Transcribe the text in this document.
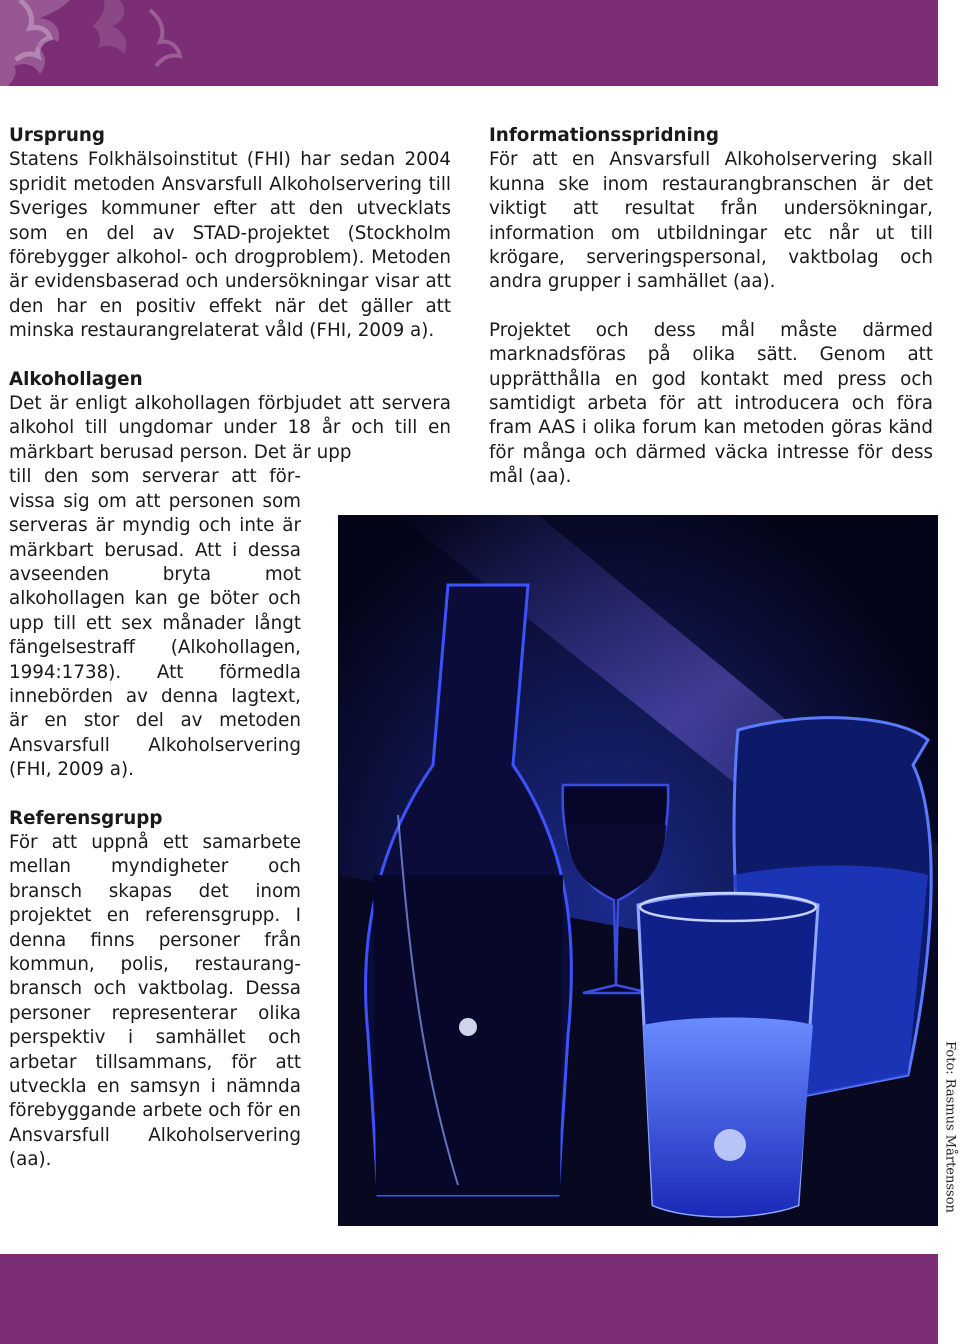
Ursprung

Statens Folkhälsoinstitut (FHI) har sedan 2004 spridit metoden Ansvarsfull Alkoholservering till Sveriges kommuner efter att den utvecklats som en del av STAD-projektet (Stockholm förebygger alkohol- och drogproblem). Metoden är evidensbaserad och undersökningar visar att den har en positiv effekt när det gäller att minska restaurangrelaterat våld (FHI, 2009 a).

Alkohollagen

Det är enligt alkohollagen förbjudet att servera alkohol till ungdomar under 18 år och till en märkbart berusad person. Det är upp

till den som serverar att förvissa sig om att personen som serveras är myndig och inte är märkbart berusad. Att i dessa avseenden bryta mot alkohollagen kan ge böter och upp till ett sex månader långt fängelsestraff (Alkohollagen, 1994:1738). Att förmedla innebörden av denna lagtext, är en stor del av metoden Ansvarsfull Alkoholservering (FHI, 2009 a).

Referensgrupp

För att uppnå ett samarbete mellan myndigheter och bransch skapas det inom projektet en referensgrupp. I denna finns personer från kommun, polis, restaurangbransch och vaktbolag. Dessa personer representerar olika perspektiv i samhället och arbetar tillsammans, för att utveckla en samsyn i nämnda förebyggande arbete och för en Ansvarsfull Alkoholservering (aa).

Informationsspridning

För att en Ansvarsfull Alkoholservering skall kunna ske inom restaurangbranschen är det viktigt att resultat från undersökningar, information om utbildningar etc når ut till krögare, serveringspersonal, vaktbolag och andra grupper i samhället (aa).

Projektet och dess mål måste därmed marknadsföras på olika sätt. Genom att upprätthålla en god kontakt med press och samtidigt arbeta för att introducera och föra fram AAS i olika forum kan metoden göras känd för många och därmed väcka intresse för dess mål (aa).

Foto: Rasmus Mårtensson
